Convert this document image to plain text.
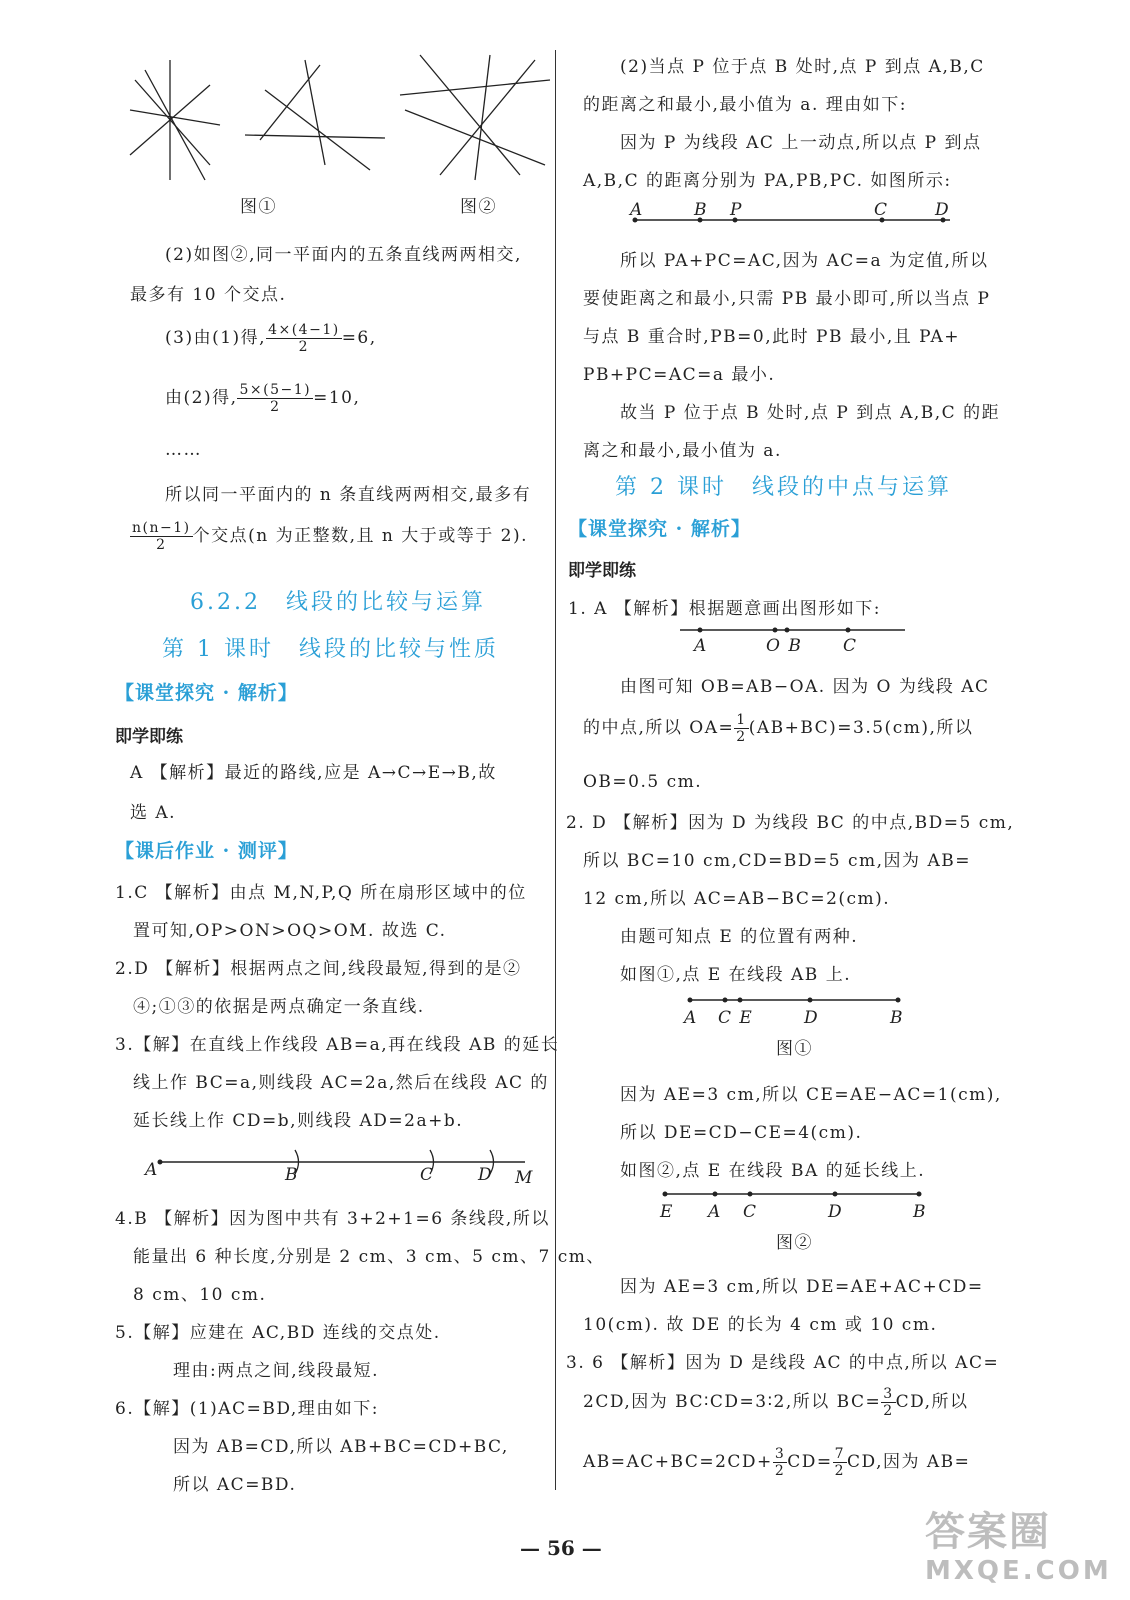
图①	图②
(2)如图②,同一平面内的五条直线两两相交,
最多有 10 个交点.
(3)由(1)得, $\frac{4\times(4-1)}{2} =6$,
由(2)得, $\frac{5\times(5-1)}{2} =10$,
……
所以同一平面内的 n 条直线两两相交,最多有
$\frac{n(n-1)}{2}$ 个交点(n 为正整数,且 n 大于或等于 2).
6.2.2　线段的比较与运算
第 1 课时　线段的比较与性质
【课堂探究 · 解析】
即学即练
A 【解析】最近的路线,应是 A→C→E→B,故
选 A.
【课后作业 · 测评】
1.C 【解析】由点 M,N,P,Q 所在扇形区域中的位
置可知,OP>ON>OQ>OM. 故选 C.
2.D 【解析】根据两点之间,线段最短,得到的是②
④;①③的依据是两点确定一条直线.
3.【解】在直线上作线段 AB=a,再在线段 AB 的延长
线上作 BC=a,则线段 AC=2a,然后在线段 AC 的
延长线上作 CD=b,则线段 AD=2a+b.
A	B	C	D M
4.B 【解析】因为图中共有 3+2+1=6 条线段,所以
能量出 6 种长度,分别是 2 cm、3 cm、5 cm、7 cm、
8 cm、10 cm.
5.【解】应建在 AC,BD 连线的交点处.
理由:两点之间,线段最短.
6.【解】(1)AC=BD,理由如下:
因为 AB=CD,所以 AB+BC=CD+BC,
所以 AC=BD.
(2)当点 P 位于点 B 处时,点 P 到点 A,B,C
的距离之和最小,最小值为 a. 理由如下:
因为 P 为线段 AC 上一动点,所以点 P 到点
A,B,C 的距离分别为 PA,PB,PC. 如图所示:
A	B P	C	D
所以 PA+PC=AC,因为 AC=a 为定值,所以
要使距离之和最小,只需 PB 最小即可,所以当点 P
与点 B 重合时,PB=0,此时 PB 最小,且 PA+
PB+PC=AC=a 最小.
故当 P 位于点 B 处时,点 P 到点 A,B,C 的距
离之和最小,最小值为 a.
第 2 课时　线段的中点与运算
【课堂探究 · 解析】
即学即练
1. A 【解析】根据题意画出图形如下:
A	O B C
由图可知 OB=AB−OA. 因为 O 为线段 AC
的中点,所以 $OA= \frac{1}{2} (AB+BC)=3.5(cm)$,所以
OB=0.5 cm.
2. D 【解析】因为 D 为线段 BC 的中点,BD=5 cm,
所以 BC=10 cm,CD=BD=5 cm,因为 AB=
12 cm,所以 AC=AB−BC=2(cm).
由题可知点 E 的位置有两种.
如图①,点 E 在线段 AB 上.
A C E	D	B
图①
因为 AE=3 cm,所以 CE=AE−AC=1(cm),
所以 DE=CD−CE=4(cm).
如图②,点 E 在线段 BA 的延长线上.
E A C	D	B
图②
因为 AE=3 cm,所以 DE=AE+AC+CD=
10(cm). 故 DE 的长为 4 cm 或 10 cm.
3. 6 【解析】因为 D 是线段 AC 的中点,所以 AC=
2CD,因为 BC∶CD=3∶2,所以 $BC= \frac{3}{2}$ CD,所以
$AB=AC+BC=2CD+ \frac{3}{2} CD= \frac{7}{2}$ CD,因为 AB=
— 56 —	答案圈
MXQE.COM
